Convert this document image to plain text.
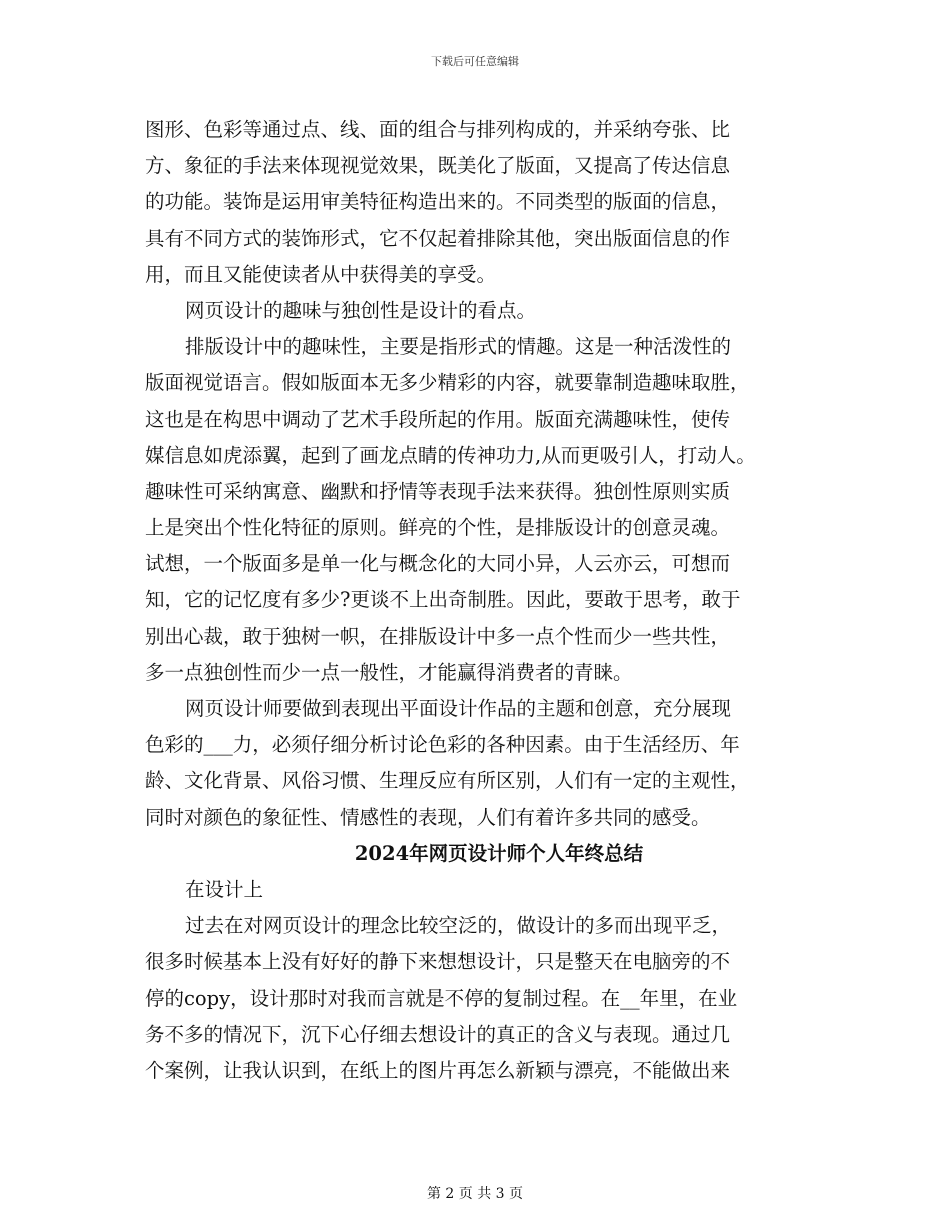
下载后可任意编辑
图形、色彩等通过点、线、面的组合与排列构成的，并采纳夸张、比
方、象征的手法来体现视觉效果，既美化了版面，又提高了传达信息
的功能。装饰是运用审美特征构造出来的。不同类型的版面的信息，
具有不同方式的装饰形式，它不仅起着排除其他，突出版面信息的作
用，而且又能使读者从中获得美的享受。
网页设计的趣味与独创性是设计的看点。
排版设计中的趣味性，主要是指形式的情趣。这是一种活泼性的
版面视觉语言。假如版面本无多少精彩的内容，就要靠制造趣味取胜，
这也是在构思中调动了艺术手段所起的作用。版面充满趣味性，使传
媒信息如虎添翼，起到了画龙点睛的传神功力,从而更吸引人，打动人。
趣味性可采纳寓意、幽默和抒情等表现手法来获得。独创性原则实质
上是突出个性化特征的原则。鲜亮的个性，是排版设计的创意灵魂。
试想，一个版面多是单一化与概念化的大同小异，人云亦云，可想而
知，它的记忆度有多少?更谈不上出奇制胜。因此，要敢于思考，敢于
别出心裁，敢于独树一帜，在排版设计中多一点个性而少一些共性，
多一点独创性而少一点一般性，才能赢得消费者的青睐。
网页设计师要做到表现出平面设计作品的主题和创意，充分展现
色彩的___力，必须仔细分析讨论色彩的各种因素。由于生活经历、年
龄、文化背景、风俗习惯、生理反应有所区别，人们有一定的主观性，
同时对颜色的象征性、情感性的表现，人们有着许多共同的感受。
2024年网页设计师个人年终总结
在设计上
过去在对网页设计的理念比较空泛的，做设计的多而出现平乏，
很多时候基本上没有好好的静下来想想设计，只是整天在电脑旁的不
停的copy，设计那时对我而言就是不停的复制过程。在__年里，在业
务不多的情况下，沉下心仔细去想设计的真正的含义与表现。通过几
个案例，让我认识到，在纸上的图片再怎么新颖与漂亮，不能做出来
第 2 页 共 3 页
